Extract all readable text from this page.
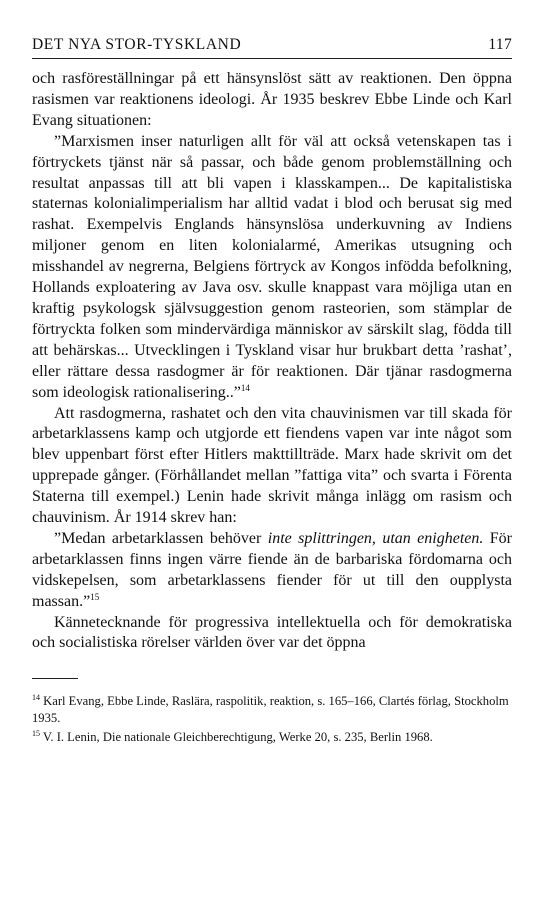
DET NYA STOR-TYSKLAND	117

och rasföreställningar på ett hänsynslöst sätt av reaktionen. Den öppna rasismen var reaktionens ideologi. År 1935 beskrev Ebbe Linde och Karl Evang situationen:

”Marxismen inser naturligen allt för väl att också vetenskapen tas i förtryckets tjänst när så passar, och både genom problemställning och resultat anpassas till att bli vapen i klasskampen... De kapitalistiska staternas kolonialimperialism har alltid vadat i blod och berusat sig med rashat. Exempelvis Englands hänsynslösa underkuvning av Indiens miljoner genom en liten kolonialarmé, Amerikas utsugning och misshandel av negrerna, Belgiens förtryck av Kongos infödda befolkning, Hollands exploatering av Java osv. skulle knappast vara möjliga utan en kraftig psykologsk självsuggestion genom rasteorien, som stämplar de förtryckta folken som mindervärdiga människor av särskilt slag, födda till att behärskas... Utvecklingen i Tyskland visar hur brukbart detta ’rashat’, eller rättare dessa rasdogmer är för reaktionen. Där tjänar rasdogmerna som ideologisk rationalisering..”$^{14}$

Att rasdogmerna, rashatet och den vita chauvinismen var till skada för arbetarklassens kamp och utgjorde ett fiendens vapen var inte något som blev uppenbart först efter Hitlers makttillträde. Marx hade skrivit om det upprepade gånger. (Förhållandet mellan ”fattiga vita” och svarta i Förenta Staterna till exempel.) Lenin hade skrivit många inlägg om rasism och chauvinism. År 1914 skrev han:

”Medan arbetarklassen behöver inte splittringen, utan enigheten. För arbetarklassen finns ingen värre fiende än de barbariska fördomarna och vidskepelsen, som arbetarklassens fiender för ut till den oupplysta massan.”$^{15}$

Kännetecknande för progressiva intellektuella och för demokratiska och socialistiska rörelser världen över var det öppna

$^{14}$ Karl Evang, Ebbe Linde, Raslära, raspolitik, reaktion, s. 165–166, Clartés förlag, Stockholm 1935.

$^{15}$ V. I. Lenin, Die nationale Gleichberechtigung, Werke 20, s. 235, Berlin 1968.
